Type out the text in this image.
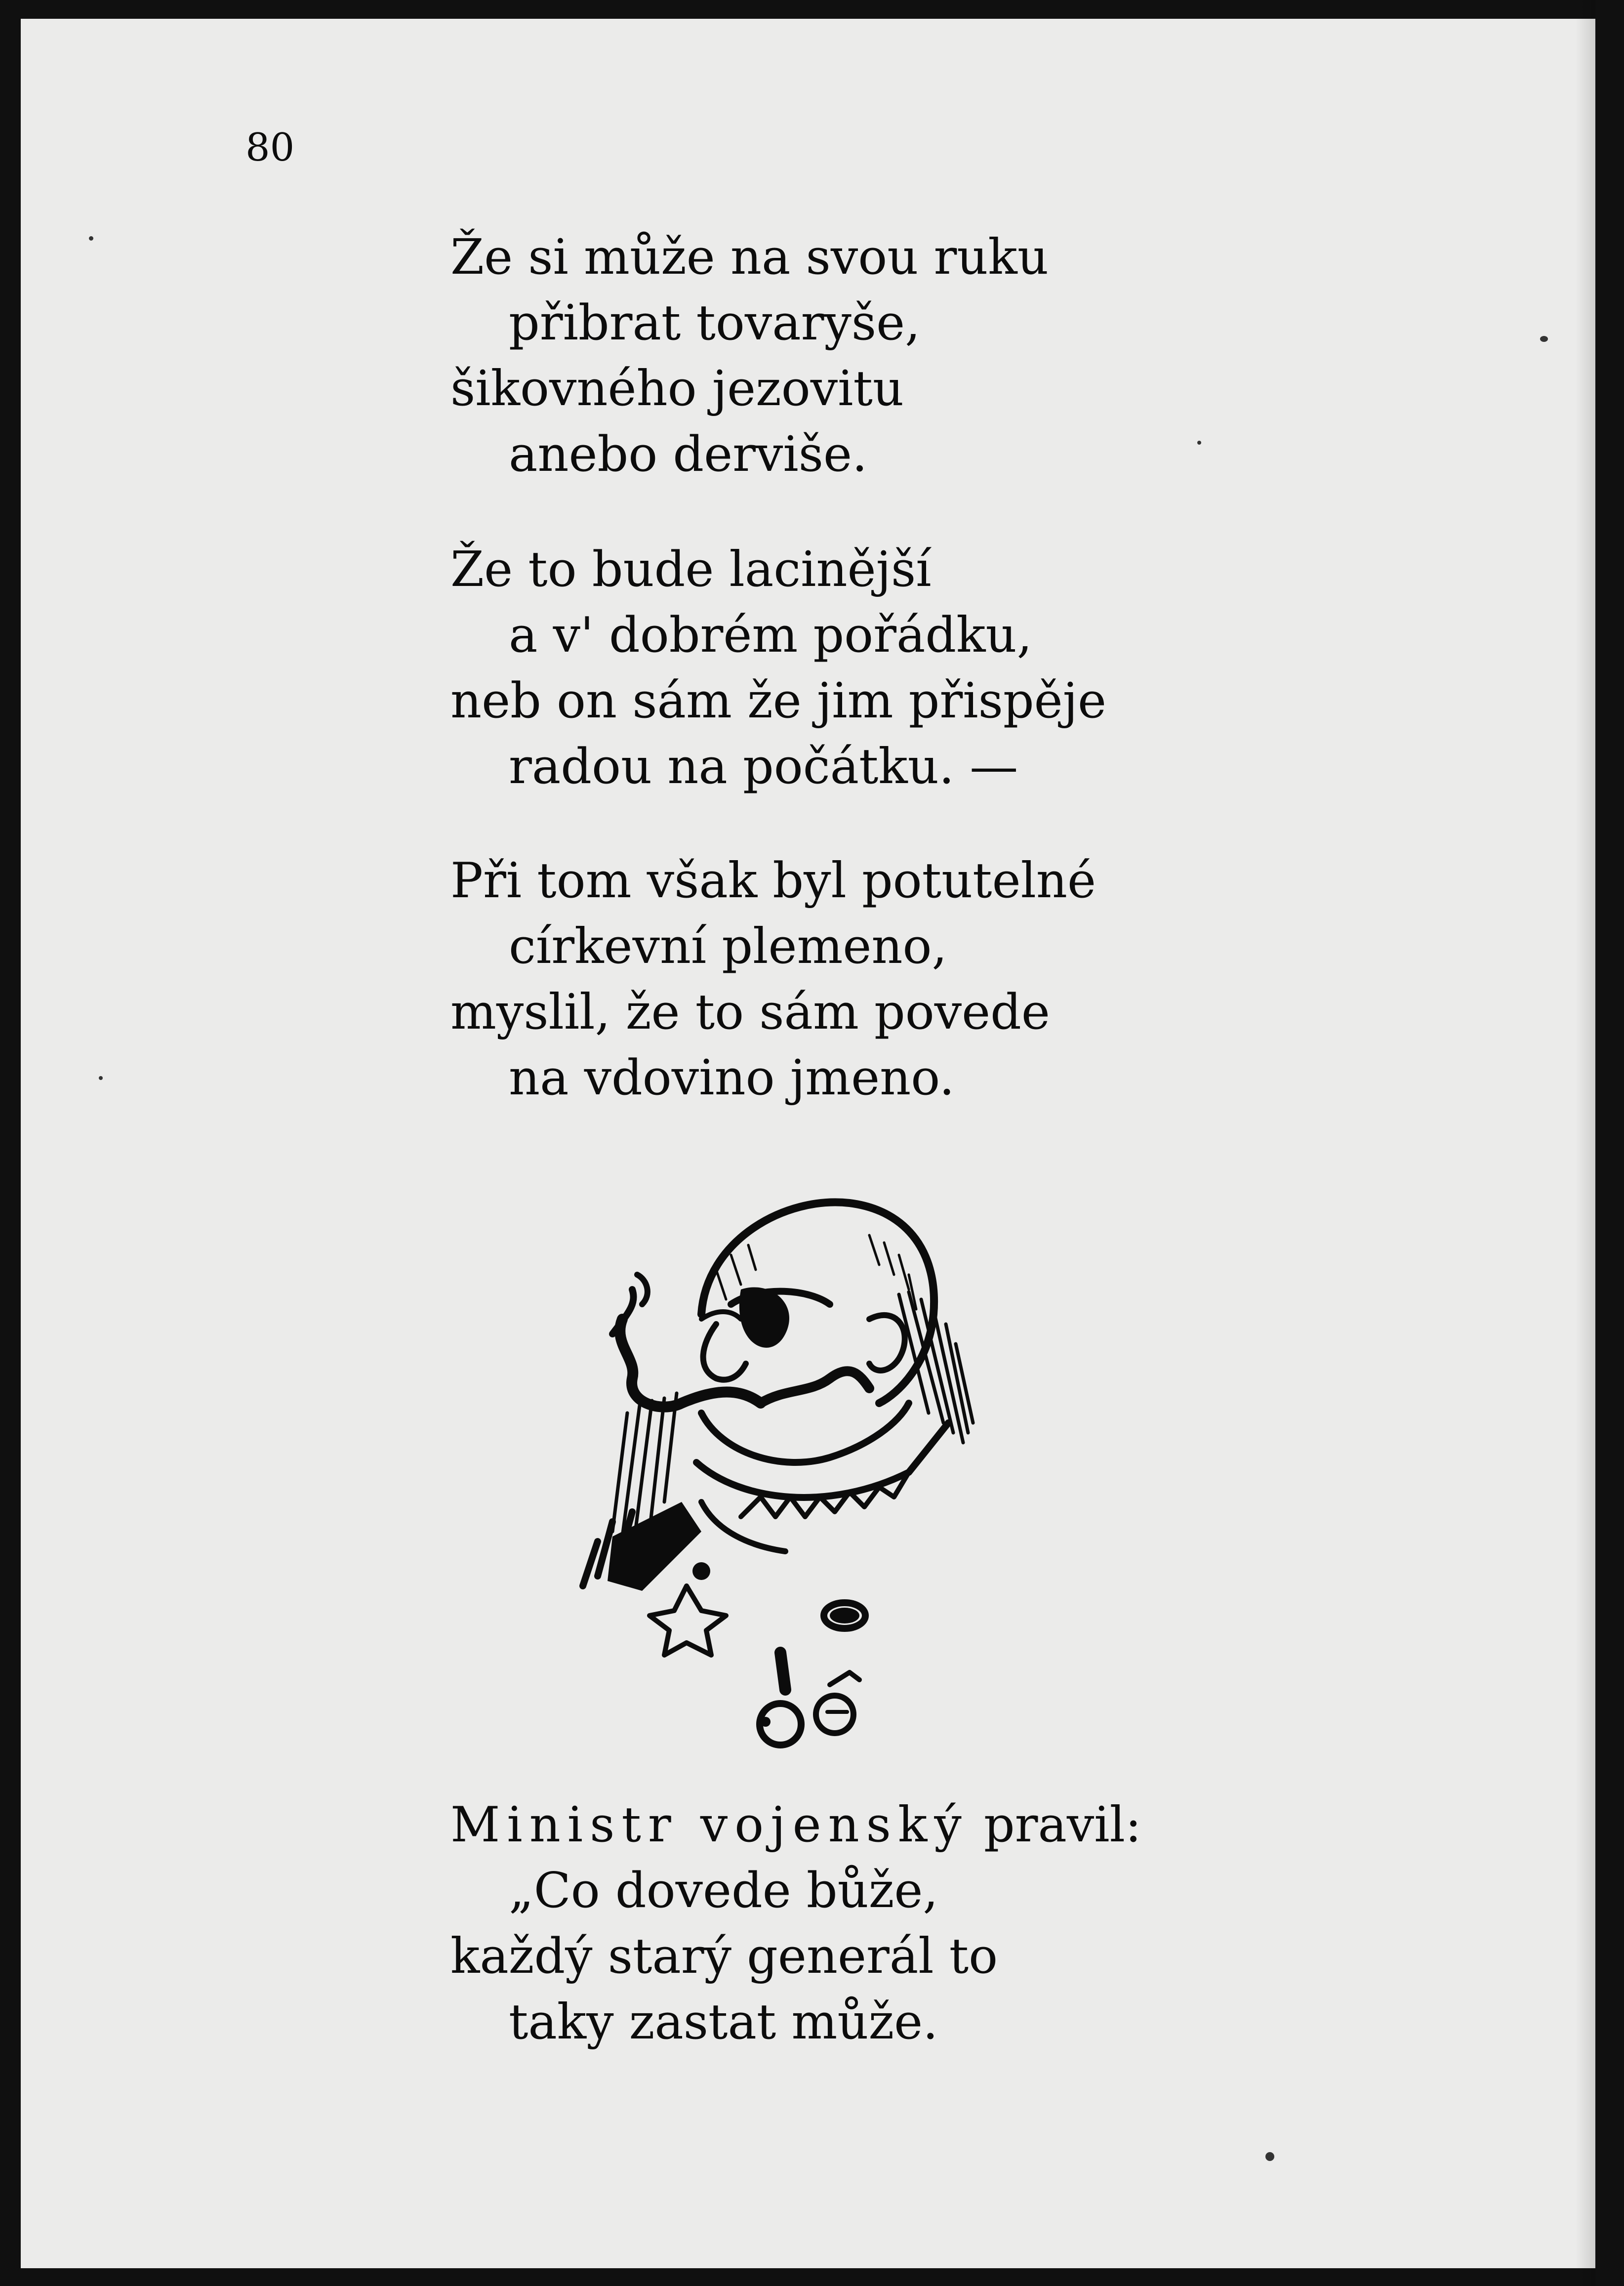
80
Že si může na svou ruku
přibrat tovaryše,
šikovného jezovitu
anebo derviše.
Že to bude lacinější
a v' dobrém pořádku,
neb on sám že jim přispěje
radou na počátku. —
Při tom však byl potutelné
církevní plemeno,
myslil, že to sám povede
na vdovino jmeno.
Ministr vojenský pravil:
„Co dovede bůže,
každý starý generál to
taky zastat může.
